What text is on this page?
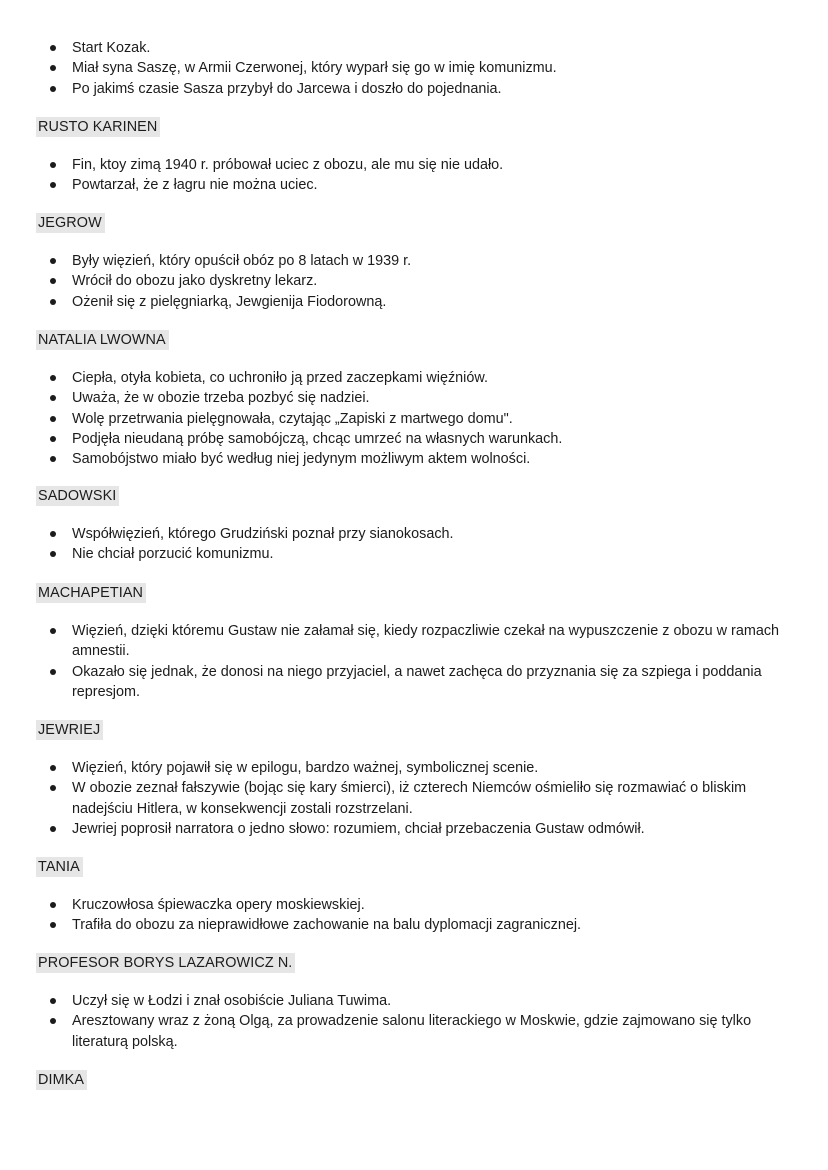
Start Kozak.
Miał syna Saszę, w Armii Czerwonej, który wyparł się go w imię komunizmu.
Po jakimś czasie Sasza przybył do Jarcewa i doszło do pojednania.
RUSTO KARINEN
Fin, ktoy zimą 1940 r. próbował uciec z obozu, ale mu się nie udało.
Powtarzał, że z łagru nie można uciec.
JEGROW
Były więzień, który opuścił obóz po 8 latach w 1939 r.
Wrócił do obozu jako dyskretny lekarz.
Ożenił się z pielęgniarką, Jewgienija Fiodorowną.
NATALIA LWOWNA
Ciepła, otyła kobieta, co uchroniło ją przed zaczepkami więźniów.
Uważa, że w obozie trzeba pozbyć się nadziei.
Wolę przetrwania pielęgnowała, czytając „Zapiski z martwego domu".
Podjęła nieudaną próbę samobójczą, chcąc umrzeć na własnych warunkach.
Samobójstwo miało być według niej jedynym możliwym aktem wolności.
SADOWSKI
Współwięzień, którego Grudziński poznał przy sianokosach.
Nie chciał porzucić komunizmu.
MACHAPETIAN
Więzień, dzięki któremu Gustaw nie załamał się, kiedy rozpaczliwie czekał na wypuszczenie z obozu w ramach amnestii.
Okazało się jednak, że donosi na niego przyjaciel, a nawet zachęca do przyznania się za szpiega i poddania represjom.
JEWRIEJ
Więzień, który pojawił się w epilogu, bardzo ważnej, symbolicznej scenie.
W obozie zeznał fałszywie (bojąc się kary śmierci), iż czterech Niemców ośmieliło się rozmawiać o bliskim nadejściu Hitlera, w konsekwencji zostali rozstrzelani.
Jewriej poprosił narratora o jedno słowo: rozumiem, chciał przebaczenia Gustaw odmówił.
TANIA
Kruczowłosa śpiewaczka opery moskiewskiej.
Trafiła do obozu za nieprawidłowe zachowanie na balu dyplomacji zagranicznej.
PROFESOR BORYS LAZAROWICZ N.
Uczył się w Łodzi i znał osobiście Juliana Tuwima.
Aresztowany wraz z żoną Olgą, za prowadzenie salonu literackiego w Moskwie, gdzie zajmowano się tylko literaturą polską.
DIMKA
